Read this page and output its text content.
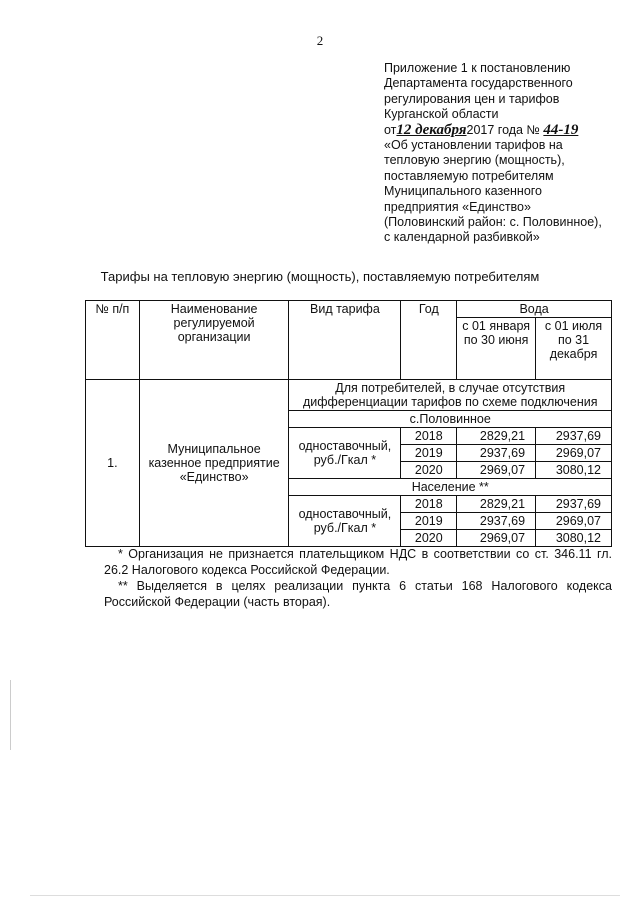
2
Приложение 1 к постановлению
Департамента государственного
регулирования цен и тарифов
Курганской области
от12 декабря2017 года № 44-19
«Об установлении тарифов на
тепловую энергию (мощность),
поставляемую потребителям
Муниципального казенного
предприятия «Единство»
(Половинский район: с. Половинное),
с календарной разбивкой»
Тарифы на тепловую энергию (мощность), поставляемую потребителям
№ п/п	Наименование регулируемой организации	Вид тарифа	Год	Вода	
				с 01 января по 30 июня	с 01 июля по 31 декабря
1.	Муниципальное казенное предприятие «Единство»	Для потребителей, в случае отсутствия дифференциации тарифов по схеме подключения			
		с.Половинное			
		одноставочный, руб./Гкал *	2018	2829,21	2937,69
			2019	2937,69	2969,07
			2020	2969,07	3080,12
		Население **			
		одноставочный, руб./Гкал *	2018	2829,21	2937,69
			2019	2937,69	2969,07
			2020	2969,07	3080,12

* Организация не признается плательщиком НДС в соответствии со ст. 346.11 гл. 26.2 Налогового кодекса Российской Федерации.

** Выделяется в целях реализации пункта 6 статьи 168 Налогового кодекса Российской Федерации (часть вторая).
